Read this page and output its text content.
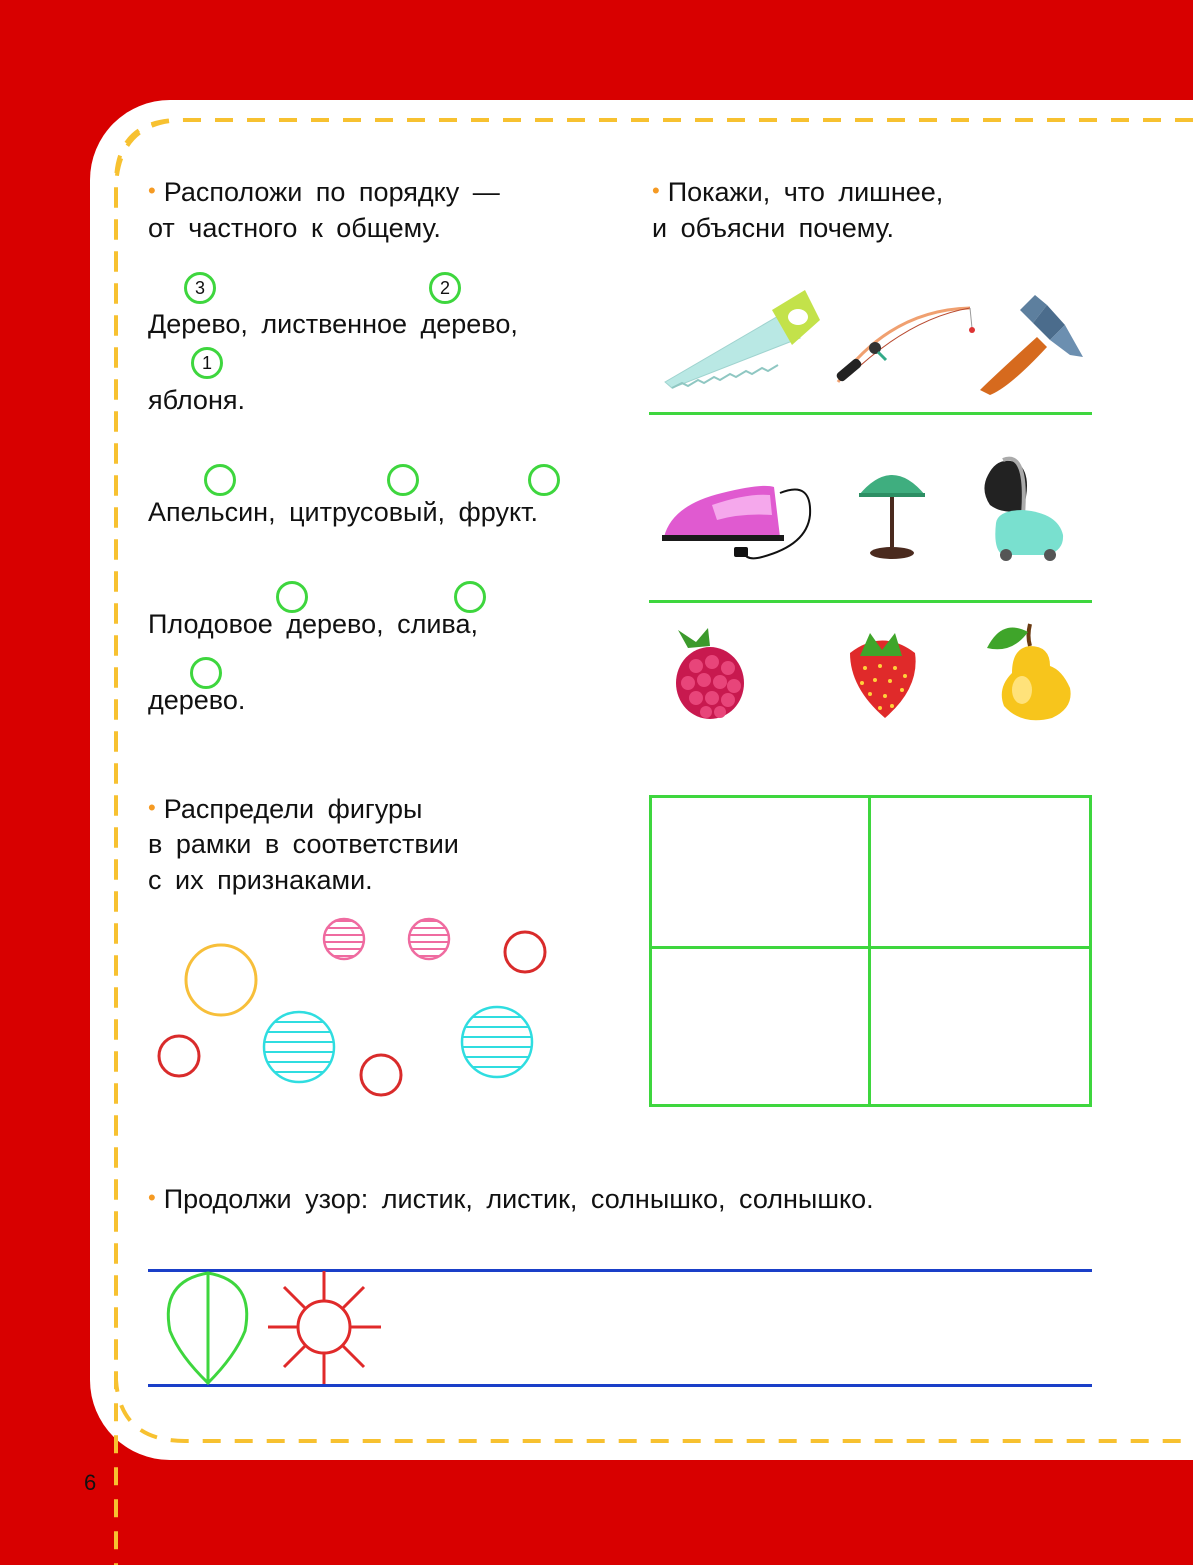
6
• Расположи по порядку —
от частного к общему.
3	2
Дерево, лиственное дерево,
1
яблоня.
Апельсин, цитрусовый, фрукт.
Плодовое дерево, слива,
дерево.
• Покажи, что лишнее,
и объясни почему.
• Распредели фигуры
в рамки в соответствии
с их признаками.
• Продолжи узор: листик, листик, солнышко, солнышко.
